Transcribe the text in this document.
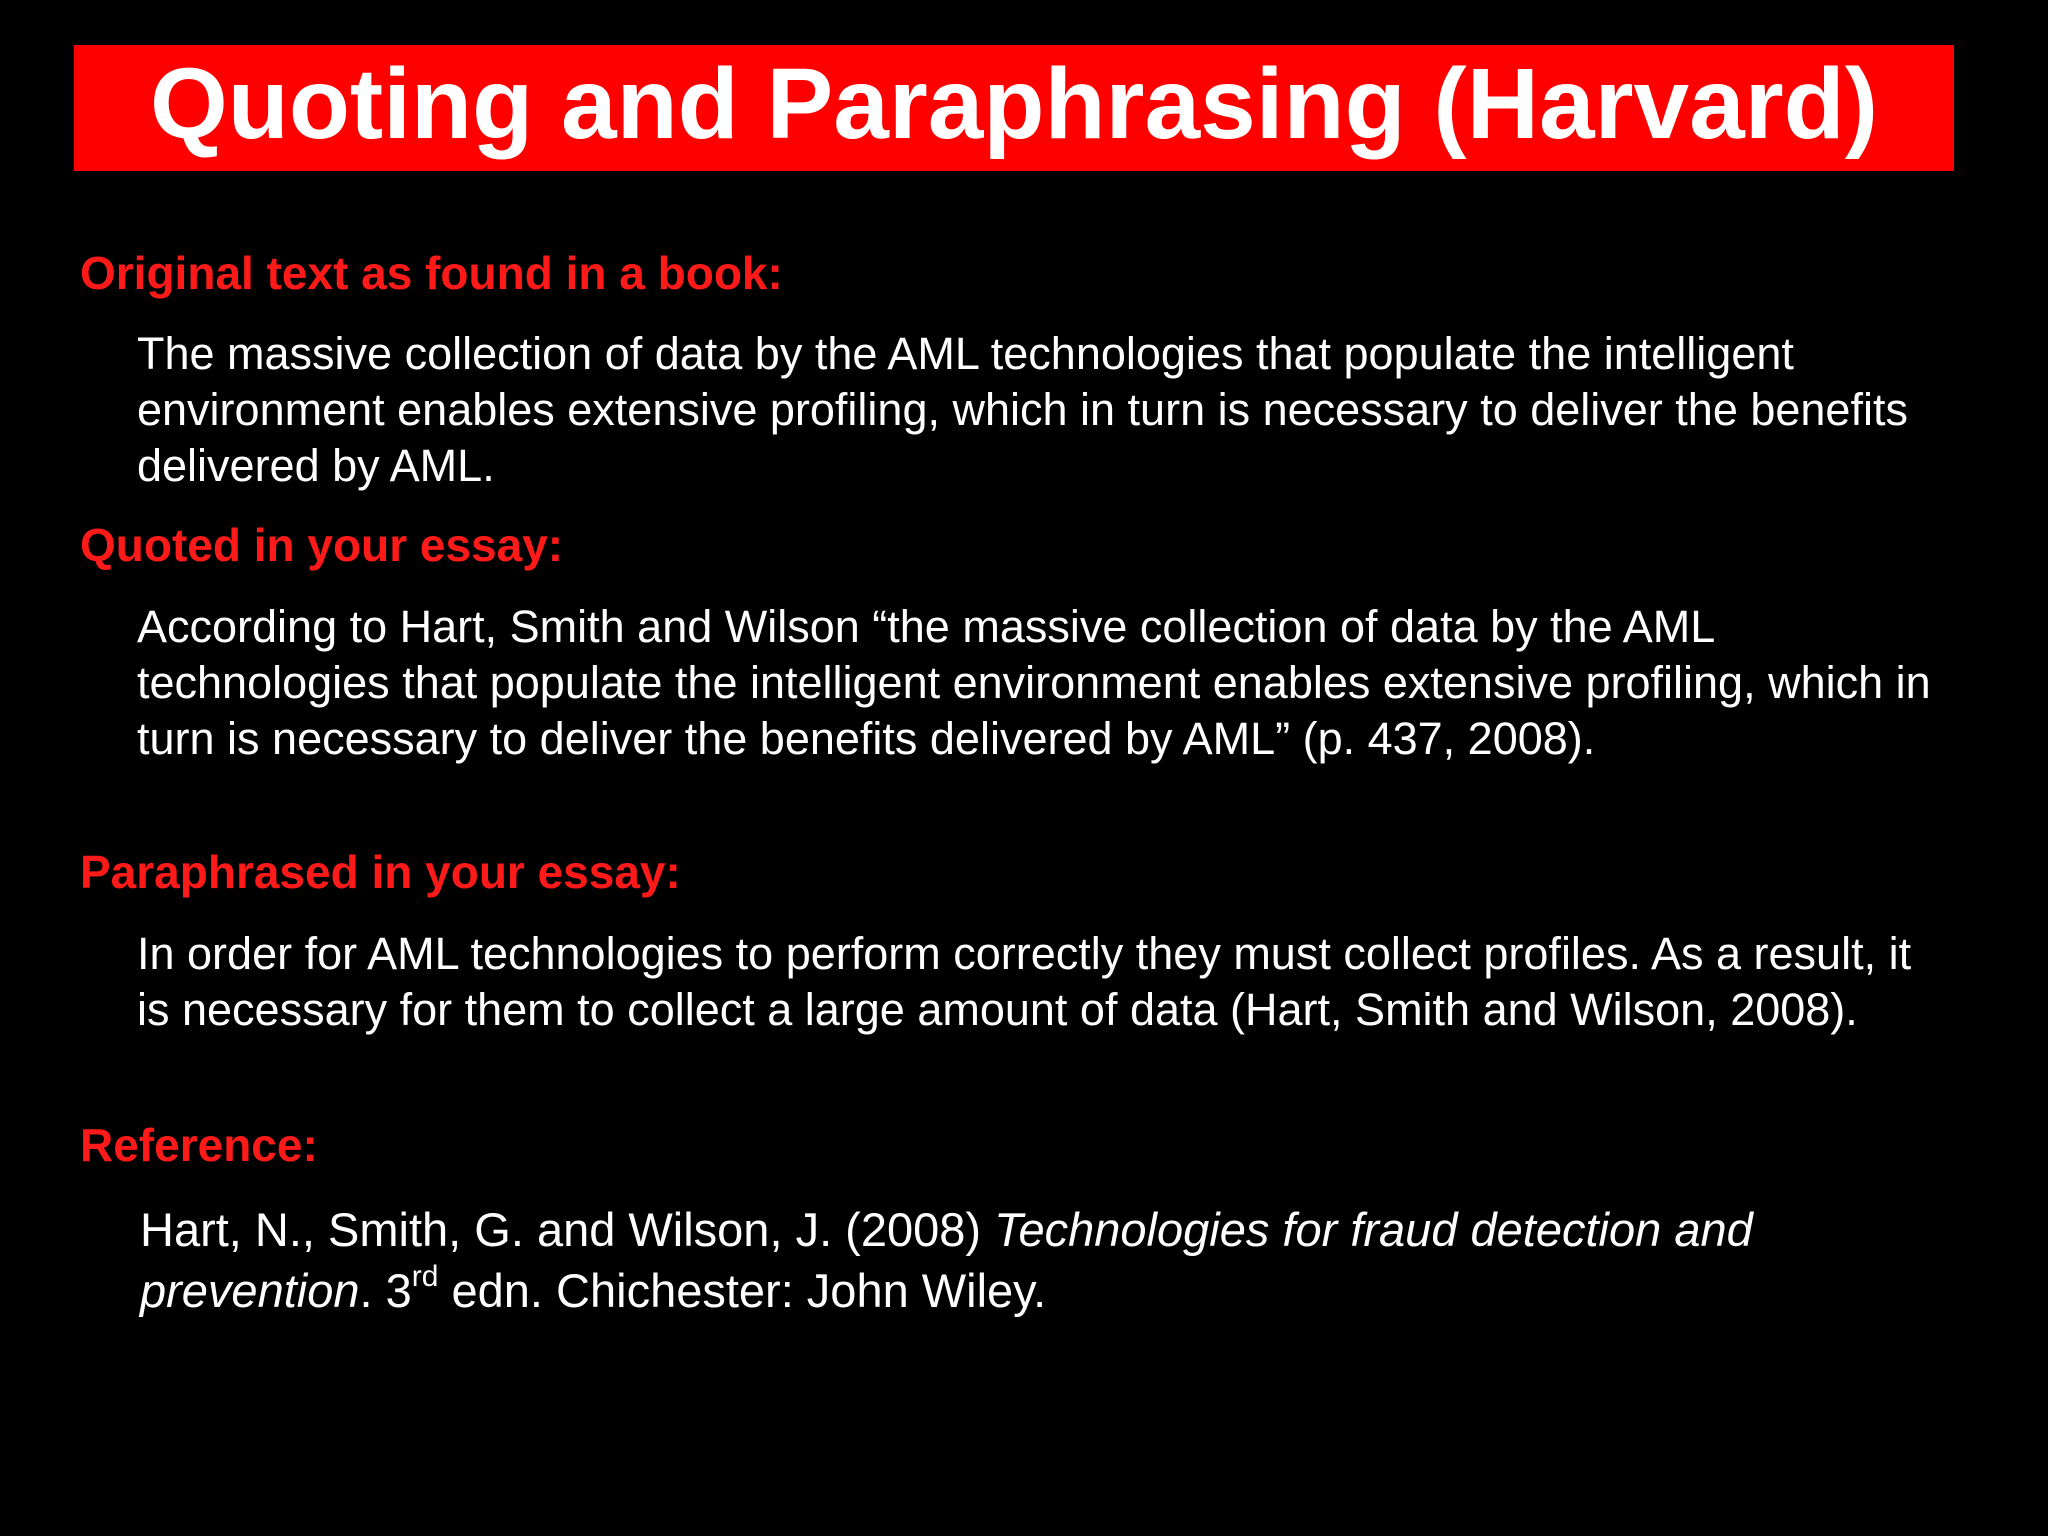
Quoting and Paraphrasing (Harvard)
Original text as found in a book:
The massive collection of data by the AML technologies that populate the intelligent environment enables extensive profiling, which in turn is necessary to deliver the benefits delivered by AML.
Quoted in your essay:
According to Hart, Smith and Wilson “the massive collection of data by the AML technologies that populate the intelligent environment enables extensive profiling, which in turn is necessary to deliver the benefits delivered by AML” (p. 437, 2008).
Paraphrased in your essay:
In order for AML technologies to perform correctly they must collect profiles. As a result, it is necessary for them to collect a large amount of data (Hart, Smith and Wilson, 2008).
Reference:
Hart, N., Smith, G. and Wilson, J. (2008) Technologies for fraud detection and prevention. 3rd edn. Chichester: John Wiley.
